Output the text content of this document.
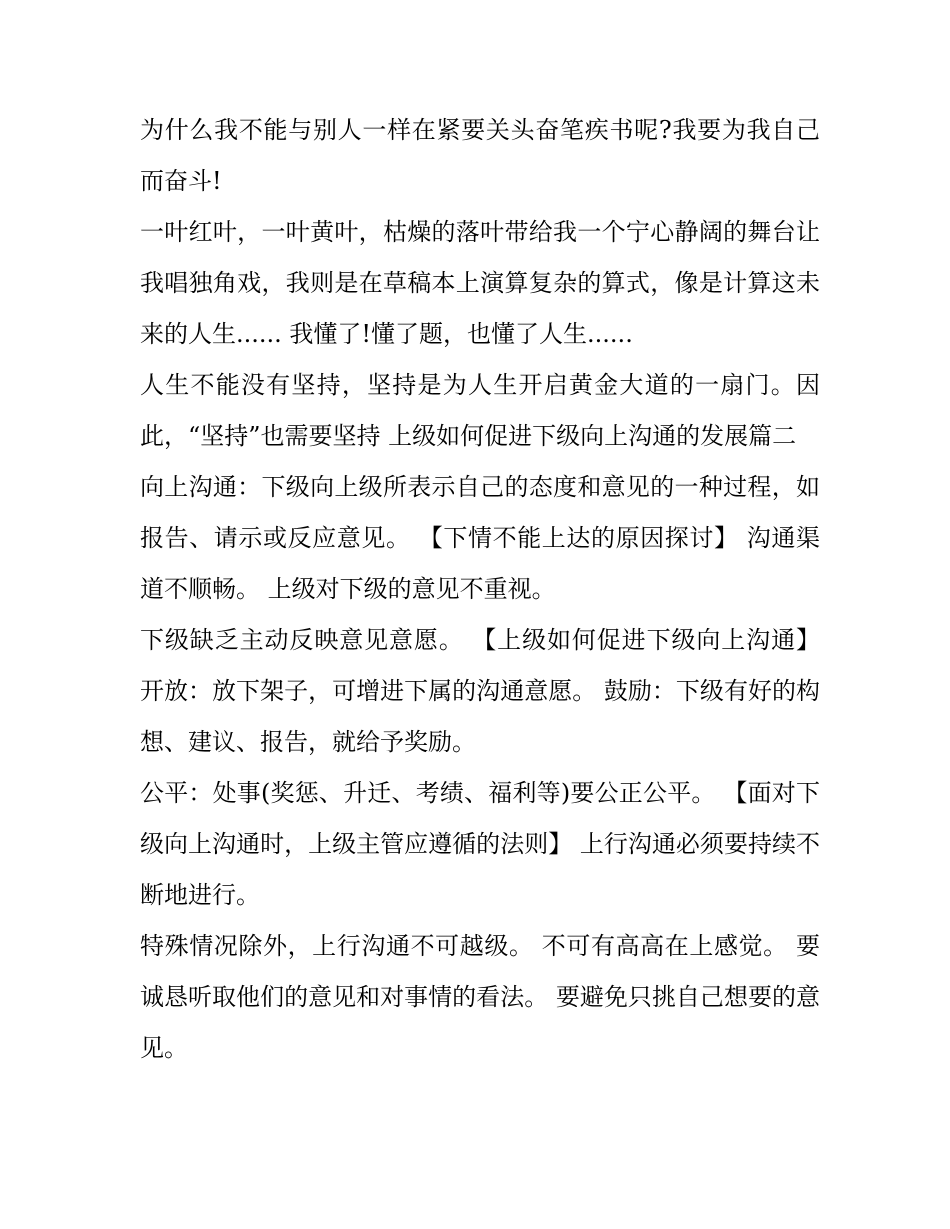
为什么我不能与别人一样在紧要关头奋笔疾书呢?我要为我自己而奋斗!

一叶红叶，一叶黄叶，枯燥的落叶带给我一个宁心静阔的舞台让我唱独角戏，我则是在草稿本上演算复杂的算式，像是计算这未来的人生...... 我懂了!懂了题，也懂了人生......

人生不能没有坚持，坚持是为人生开启黄金大道的一扇门。因此，“坚持”也需要坚持 上级如何促进下级向上沟通的发展篇二

向上沟通：下级向上级所表示自己的态度和意见的一种过程，如报告、请示或反应意见。 【下情不能上达的原因探讨】 沟通渠道不顺畅。 上级对下级的意见不重视。

下级缺乏主动反映意见意愿。 【上级如何促进下级向上沟通】 开放：放下架子，可增进下属的沟通意愿。 鼓励：下级有好的构想、建议、报告，就给予奖励。

公平：处事(奖惩、升迁、考绩、福利等)要公正公平。 【面对下级向上沟通时，上级主管应遵循的法则】 上行沟通必须要持续不断地进行。

特殊情况除外，上行沟通不可越级。 不可有高高在上感觉。 要诚恳听取他们的意见和对事情的看法。 要避免只挑自己想要的意见。
